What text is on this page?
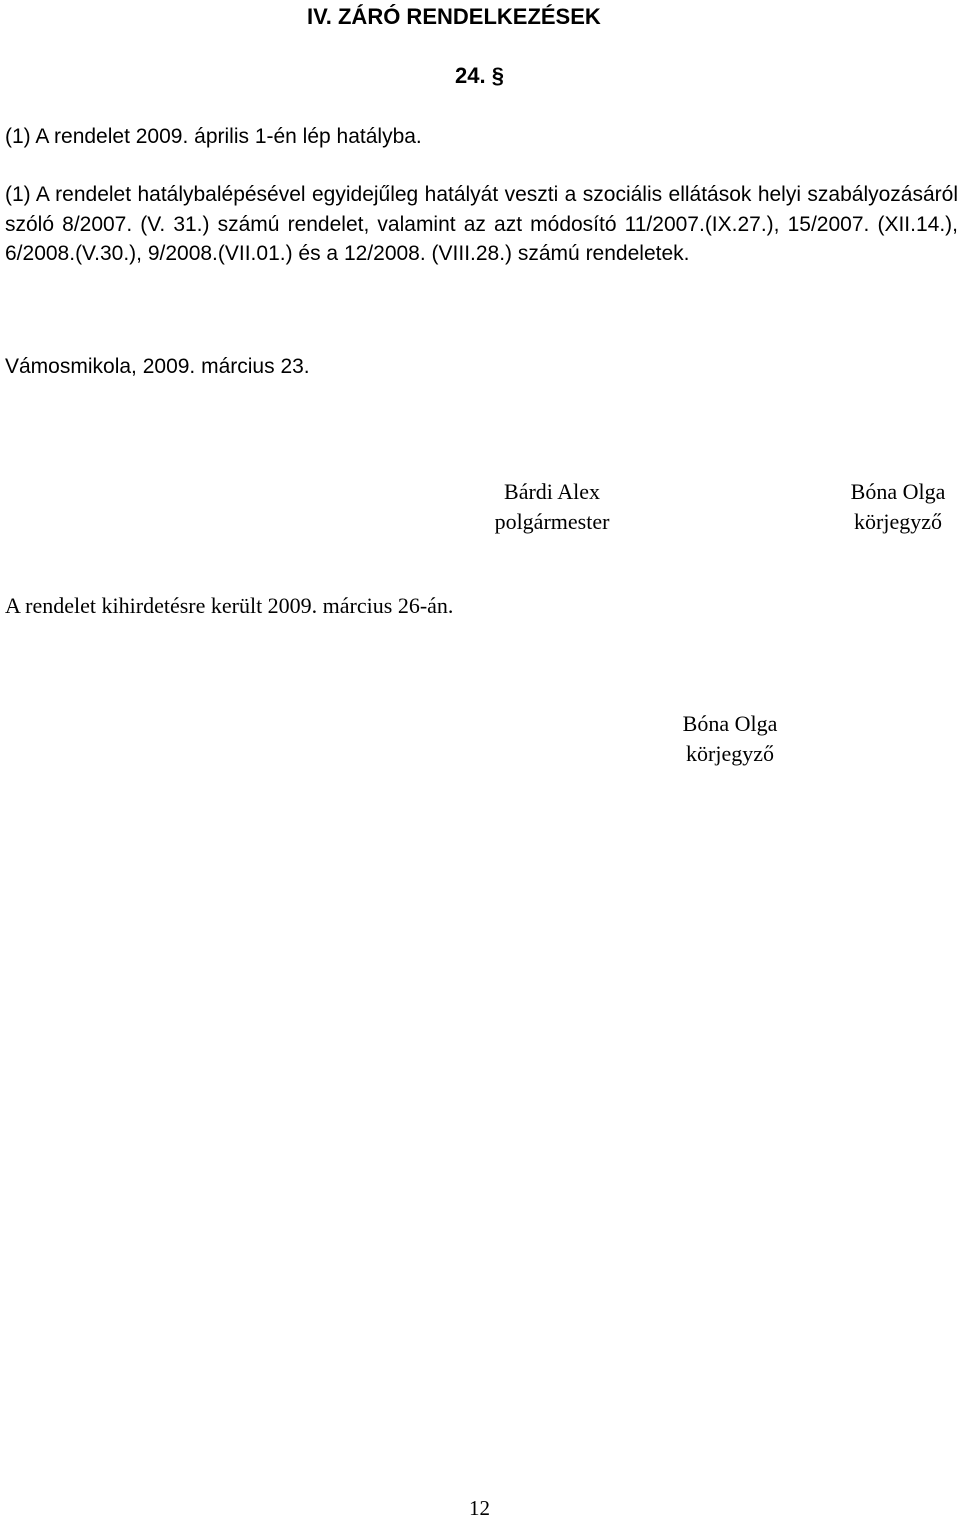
IV. ZÁRÓ RENDELKEZÉSEK
24. §
(1) A rendelet 2009. április 1-én lép hatályba.
(1) A rendelet hatálybalépésével egyidejűleg hatályát veszti a szociális ellátások helyi szabályozásáról szóló 8/2007. (V. 31.) számú rendelet, valamint az azt módosító 11/2007.(IX.27.), 15/2007. (XII.14.), 6/2008.(V.30.), 9/2008.(VII.01.) és a 12/2008. (VIII.28.) számú rendeletek.
Vámosmikola, 2009. március 23.
Bárdi Alex
polgármester
Bóna Olga
körjegyző
A rendelet kihirdetésre került 2009. március 26-án.
Bóna Olga
körjegyző
12
